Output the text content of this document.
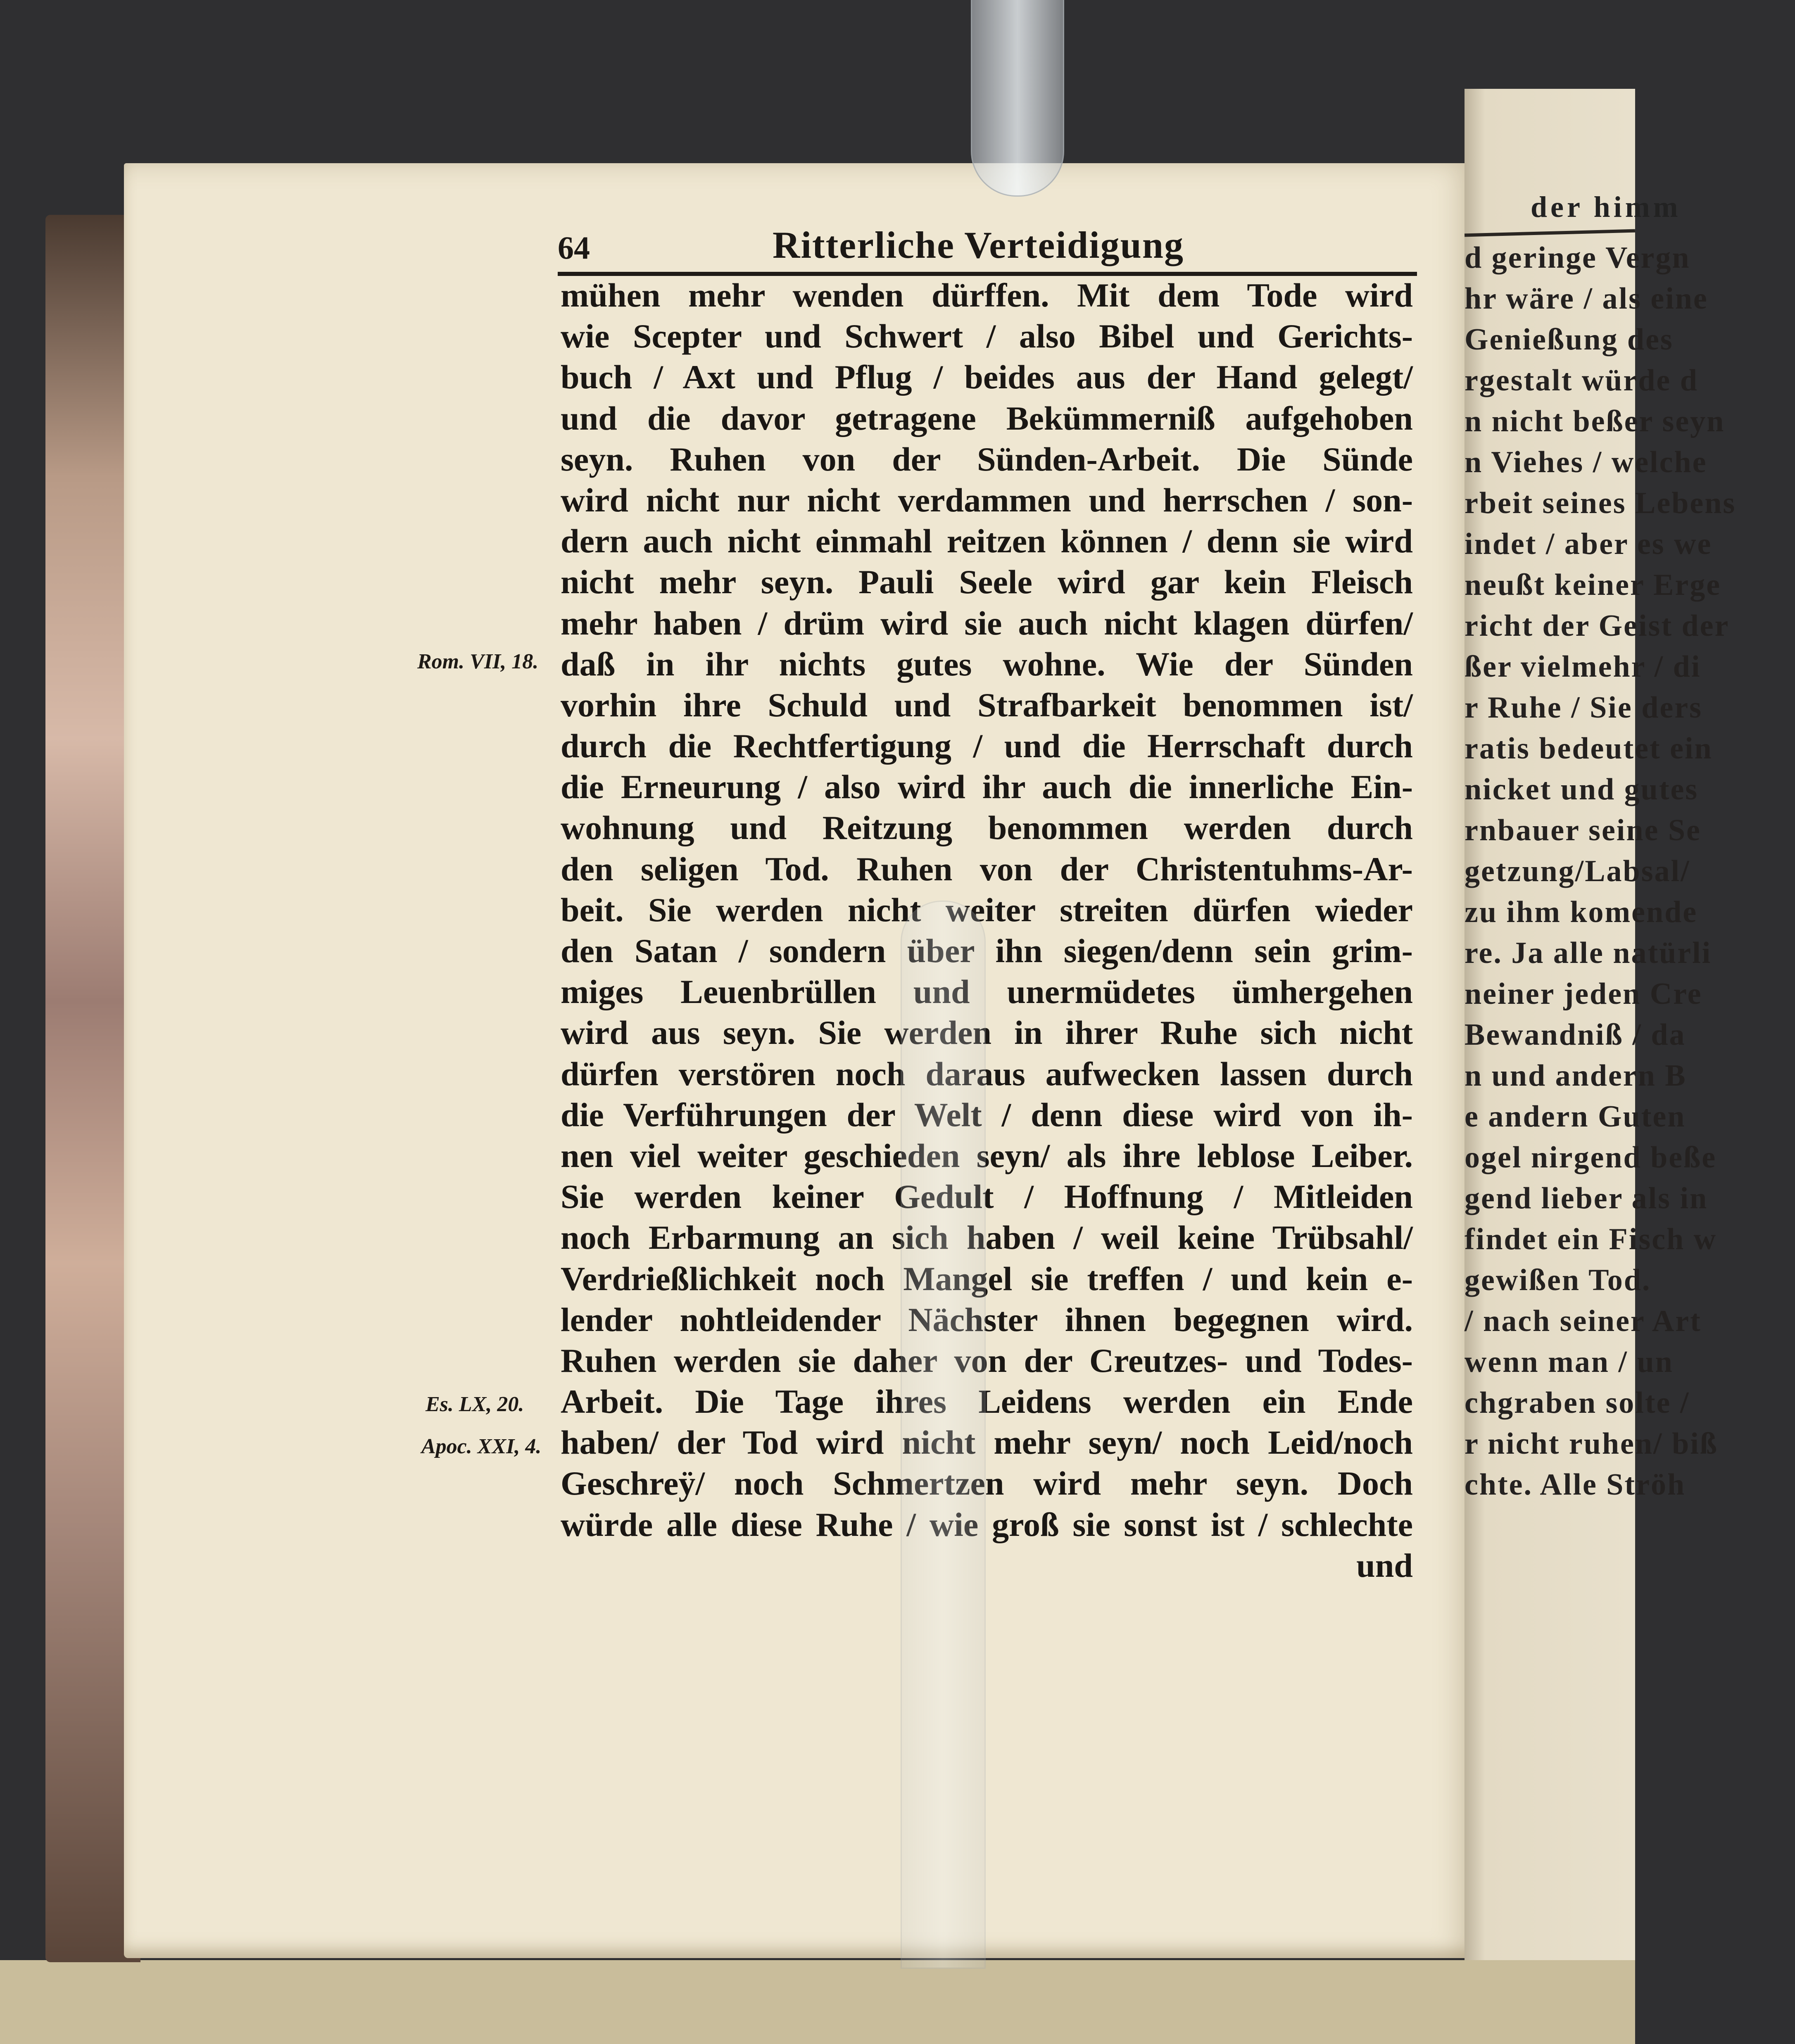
64	Ritterliche Verteidigung
mühen mehr wenden dürffen. Mit dem Tode wird
wie Scepter und Schwert / also Bibel und Gerichts-
buch / Axt und Pflug / beides aus der Hand gelegt/
und die davor getragene Bekümmerniß aufgehoben
seyn. Ruhen von der Sünden-Arbeit. Die Sünde
wird nicht nur nicht verdammen und herrschen / son-
dern auch nicht einmahl reitzen können / denn sie wird
nicht mehr seyn. Pauli Seele wird gar kein Fleisch
mehr haben / drüm wird sie auch nicht klagen dürfen/
daß in ihr nichts gutes wohne. Wie der Sünden
vorhin ihre Schuld und Strafbarkeit benommen ist/
durch die Rechtfertigung / und die Herrschaft durch
die Erneurung / also wird ihr auch die innerliche Ein-
wohnung und Reitzung benommen werden durch
den seligen Tod. Ruhen von der Christentuhms-Ar-
beit. Sie werden nicht weiter streiten dürfen wieder
den Satan / sondern über ihn siegen/denn sein grim-
miges Leuenbrüllen und unermüdetes ümhergehen
wird aus seyn. Sie werden in ihrer Ruhe sich nicht
dürfen verstören noch daraus aufwecken lassen durch
die Verführungen der Welt / denn diese wird von ih-
nen viel weiter geschieden seyn/ als ihre leblose Leiber.
Sie werden keiner Gedult / Hoffnung / Mitleiden
noch Erbarmung an sich haben / weil keine Trübsahl/
Verdrießlichkeit noch Mangel sie treffen / und kein e-
lender nohtleidender Nächster ihnen begegnen wird.
Ruhen werden sie daher von der Creutzes- und Todes-
Arbeit. Die Tage ihres Leidens werden ein Ende
haben/ der Tod wird nicht mehr seyn/ noch Leid/noch
Geschreÿ/ noch Schmertzen wird mehr seyn. Doch
würde alle diese Ruhe / wie groß sie sonst ist / schlechte
und
Rom. VII, 18.
Es. LX, 20.
Apoc. XXI, 4.
der himm
d geringe Vergn
hr wäre / als eine
Genießung des
rgestalt würde d
n nicht beßer seyn
n Viehes / welche
rbeit seines Lebens
indet / aber es we
neußt keiner Erge
richt der Geist der
ßer vielmehr / di
r Ruhe / Sie ders
ratis bedeutet ein
nicket und gutes
rnbauer seine Se
getzung/Labsal/
zu ihm komende
re. Ja alle natürli
neiner jeden Cre
Bewandniß / da
n und andern B
e andern Guten
ogel nirgend beße
gend lieber als in
findet ein Fisch w
gewißen Tod.
/ nach seiner Art
wenn man / un
chgraben solte /
r nicht ruhen/ biß
chte. Alle Ströh
